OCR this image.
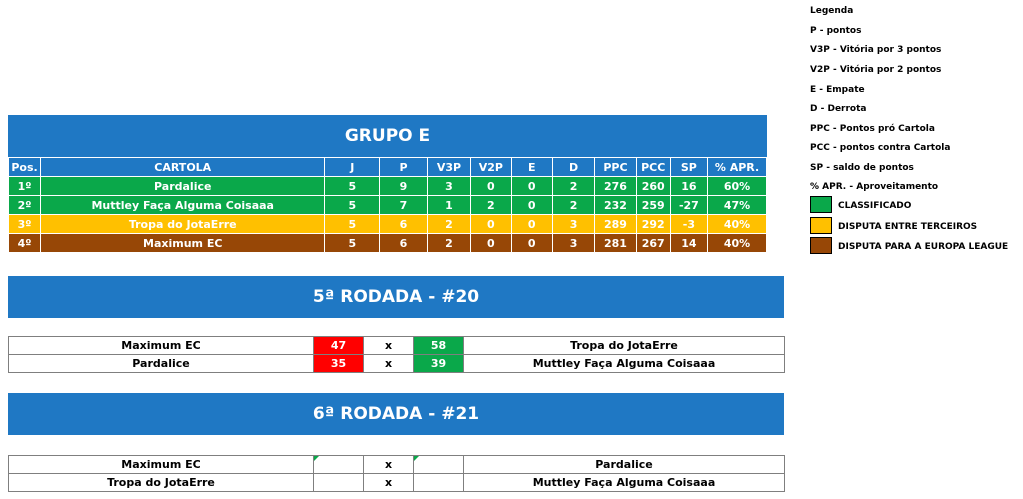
GRUPO E
Pos.	CARTOLA	J	P	V3P	V2P	E	D	PPC	PCC	SP	% APR.
1º	Pardalice	5	9	3	0	0	2	276	260	16	60%
2º	Muttley Faça Alguma Coisaaa	5	7	1	2	0	2	232	259	-27	47%
3º	Tropa do JotaErre	5	6	2	0	0	3	289	292	-3	40%
4º	Maximum EC	5	6	2	0	0	3	281	267	14	40%
5ª RODADA - #20
Maximum EC	47	x	58	Tropa do JotaErre
Pardalice	35	x	39	Muttley Faça Alguma Coisaaa
6ª RODADA - #21
Maximum EC		x		Pardalice
Tropa do JotaErre		x		Muttley Faça Alguma Coisaaa
Legenda
P - pontos
V3P - Vitória por 3 pontos
V2P - Vitória por 2 pontos
E - Empate
D - Derrota
PPC - Pontos pró Cartola
PCC - pontos contra Cartola
SP - saldo de pontos
% APR. - Aproveitamento
CLASSIFICADO
DISPUTA ENTRE TERCEIROS
DISPUTA PARA A EUROPA LEAGUE
